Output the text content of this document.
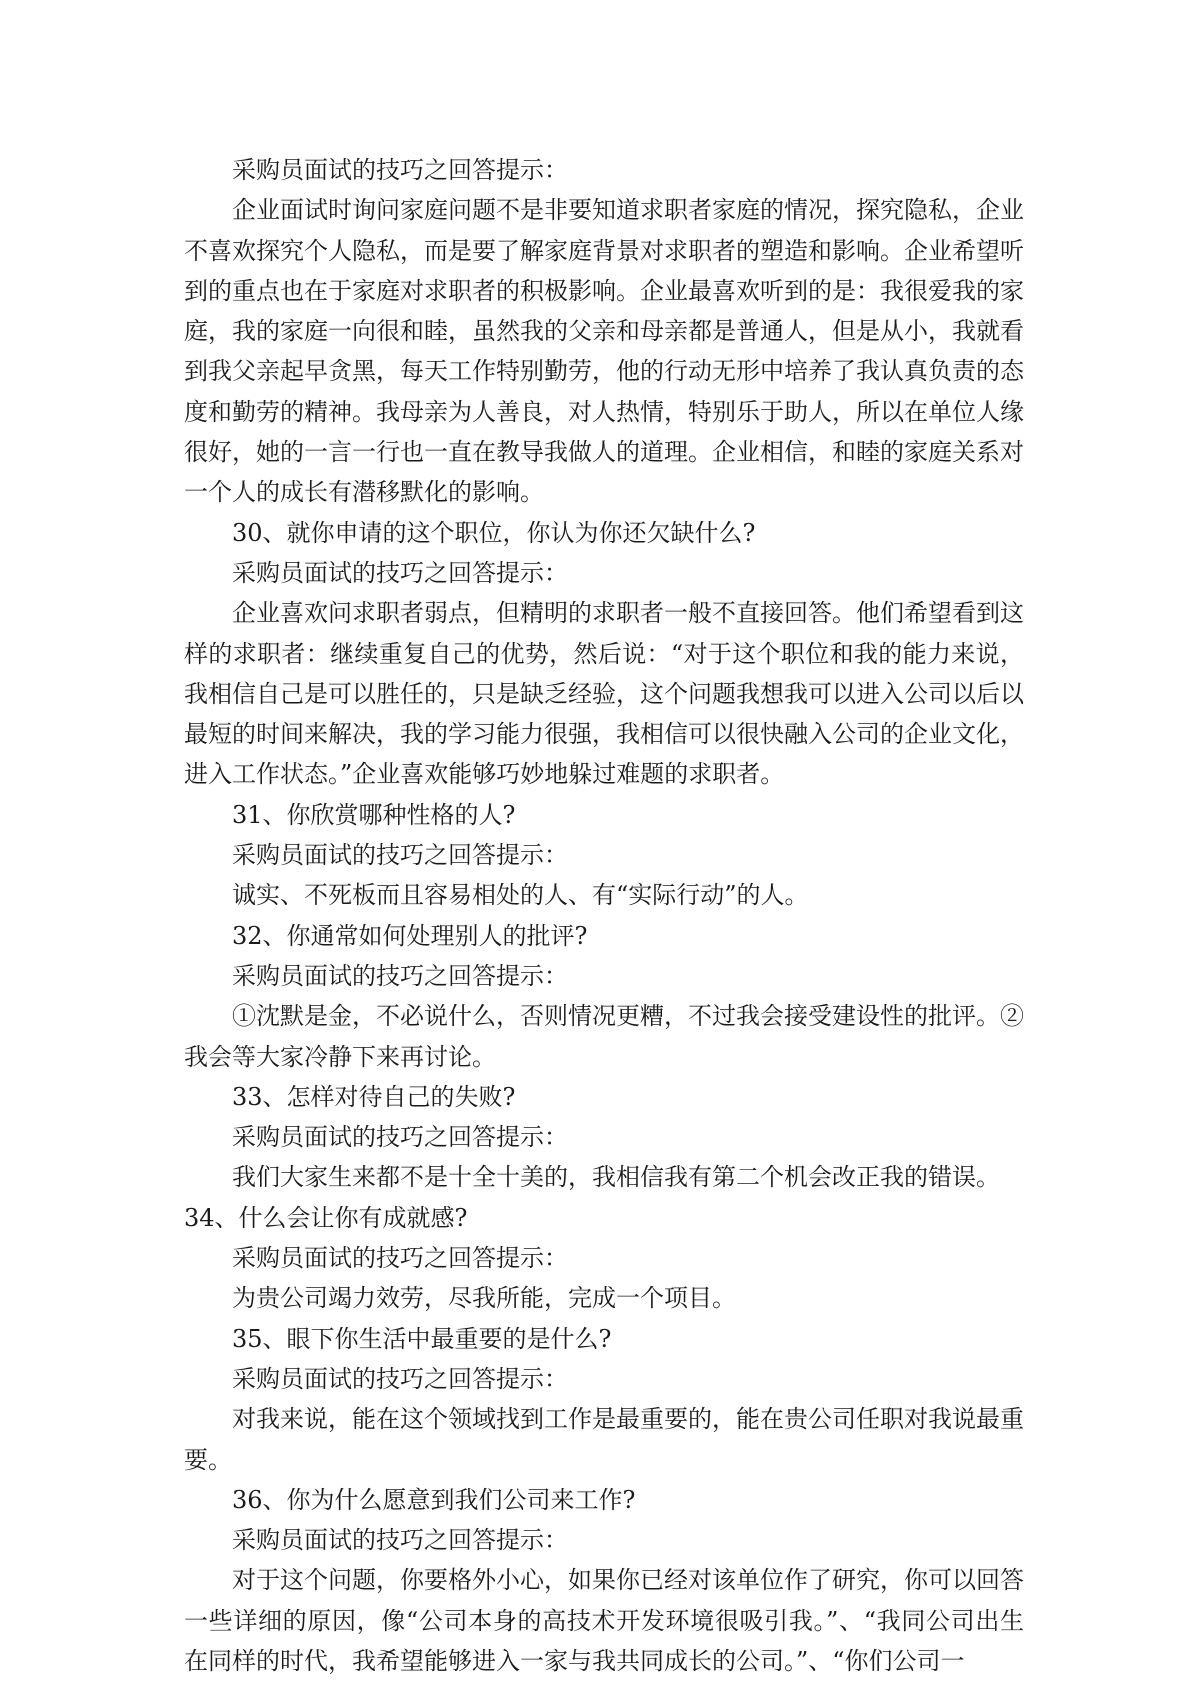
采购员面试的技巧之回答提示：

企业面试时询问家庭问题不是非要知道求职者家庭的情况，探究隐私，企业不喜欢探究个人隐私，而是要了解家庭背景对求职者的塑造和影响。企业希望听到的重点也在于家庭对求职者的积极影响。企业最喜欢听到的是：我很爱我的家庭，我的家庭一向很和睦，虽然我的父亲和母亲都是普通人，但是从小，我就看到我父亲起早贪黑，每天工作特别勤劳，他的行动无形中培养了我认真负责的态度和勤劳的精神。我母亲为人善良，对人热情，特别乐于助人，所以在单位人缘很好，她的一言一行也一直在教导我做人的道理。企业相信，和睦的家庭关系对一个人的成长有潜移默化的影响。

30、就你申请的这个职位，你认为你还欠缺什么?

采购员面试的技巧之回答提示：

企业喜欢问求职者弱点，但精明的求职者一般不直接回答。他们希望看到这样的求职者：继续重复自己的优势，然后说：“对于这个职位和我的能力来说，我相信自己是可以胜任的，只是缺乏经验，这个问题我想我可以进入公司以后以最短的时间来解决，我的学习能力很强，我相信可以很快融入公司的企业文化，进入工作状态。”企业喜欢能够巧妙地躲过难题的求职者。

31、你欣赏哪种性格的人?

采购员面试的技巧之回答提示：

诚实、不死板而且容易相处的人、有“实际行动”的人。

32、你通常如何处理别人的批评?

采购员面试的技巧之回答提示：

①沈默是金，不必说什么，否则情况更糟，不过我会接受建设性的批评。②我会等大家冷静下来再讨论。

33、怎样对待自己的失败?

采购员面试的技巧之回答提示：

我们大家生来都不是十全十美的，我相信我有第二个机会改正我的错误。

34、什么会让你有成就感?

采购员面试的技巧之回答提示：

为贵公司竭力效劳，尽我所能，完成一个项目。

35、眼下你生活中最重要的是什么?

采购员面试的技巧之回答提示：

对我来说，能在这个领域找到工作是最重要的，能在贵公司任职对我说最重要。

36、你为什么愿意到我们公司来工作?

采购员面试的技巧之回答提示：

对于这个问题，你要格外小心，如果你已经对该单位作了研究，你可以回答一些详细的原因，像“公司本身的高技术开发环境很吸引我。”、“我同公司出生在同样的时代，我希望能够进入一家与我共同成长的公司。”、“你们公司一
